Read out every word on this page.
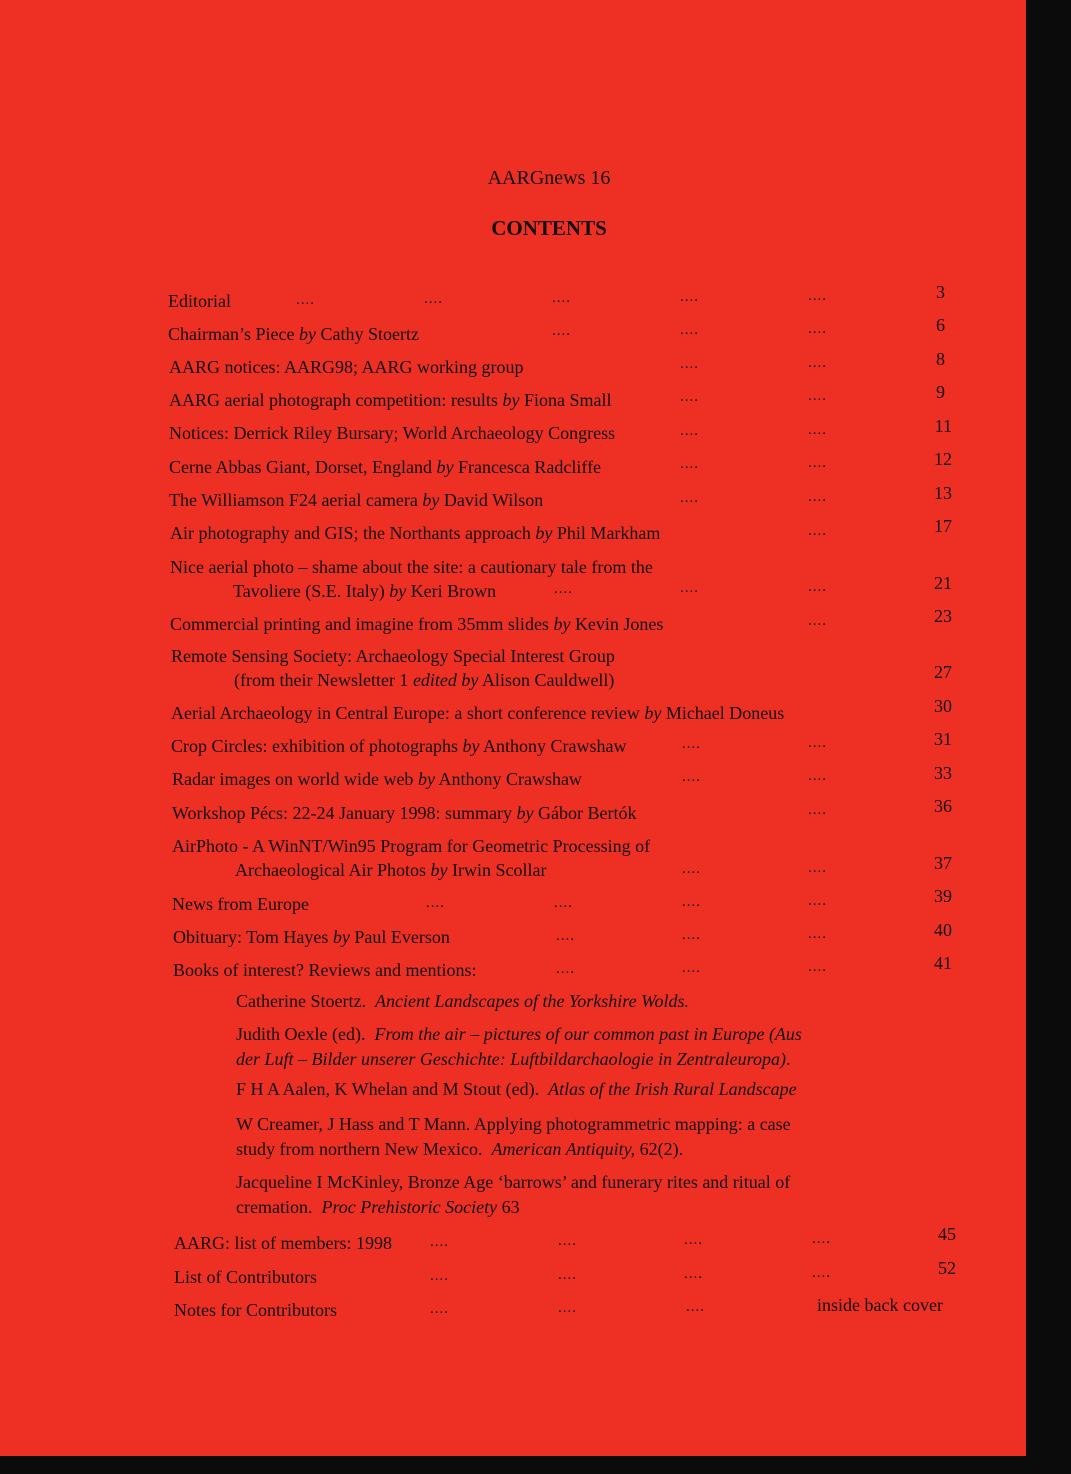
AARGnews 16
CONTENTS
Editorial	....	....	....	....	....	3
Chairman’s Piece by Cathy Stoertz	....	....	....	6
AARG notices: AARG98; AARG working group	....	....	8
AARG aerial photograph competition: results by Fiona Small	....	....	9
Notices: Derrick Riley Bursary; World Archaeology Congress	....	....	11
Cerne Abbas Giant, Dorset, England by Francesca Radcliffe	....	....	12
The Williamson F24 aerial camera by David Wilson	....	....	13
Air photography and GIS; the Northants approach by Phil Markham	....	17
Nice aerial photo – shame about the site: a cautionary tale from the
Tavoliere (S.E. Italy) by Keri Brown	....	....	....	21
Commercial printing and imagine from 35mm slides by Kevin Jones	....	23
Remote Sensing Society: Archaeology Special Interest Group
(from their Newsletter 1 edited by Alison Cauldwell)	27
Aerial Archaeology in Central Europe: a short conference review by Michael Doneus	30
Crop Circles: exhibition of photographs by Anthony Crawshaw	....	....	31
Radar images on world wide web by Anthony Crawshaw	....	....	33
Workshop Pécs: 22-24 January 1998: summary by Gábor Bertók	....	36
AirPhoto - A WinNT/Win95 Program for Geometric Processing of
Archaeological Air Photos by Irwin Scollar	....	....	37
News from Europe	....	....	....	....	39
Obituary: Tom Hayes by Paul Everson	....	....	....	40
Books of interest? Reviews and mentions:	....	....	....	41
Catherine Stoertz. Ancient Landscapes of the Yorkshire Wolds.
Judith Oexle (ed). From the air – pictures of our common past in Europe (Aus
der Luft – Bilder unserer Geschichte: Luftbildarchaologie in Zentraleuropa).
F H A Aalen, K Whelan and M Stout (ed). Atlas of the Irish Rural Landscape
W Creamer, J Hass and T Mann. Applying photogrammetric mapping: a case
study from northern New Mexico. American Antiquity, 62(2).
Jacqueline I McKinley, Bronze Age ‘barrows’ and funerary rites and ritual of
cremation. Proc Prehistoric Society 63
AARG: list of members: 1998	....	....	....	....	45
List of Contributors	....	....	....	....	52
Notes for Contributors	....	....	....	inside back cover
